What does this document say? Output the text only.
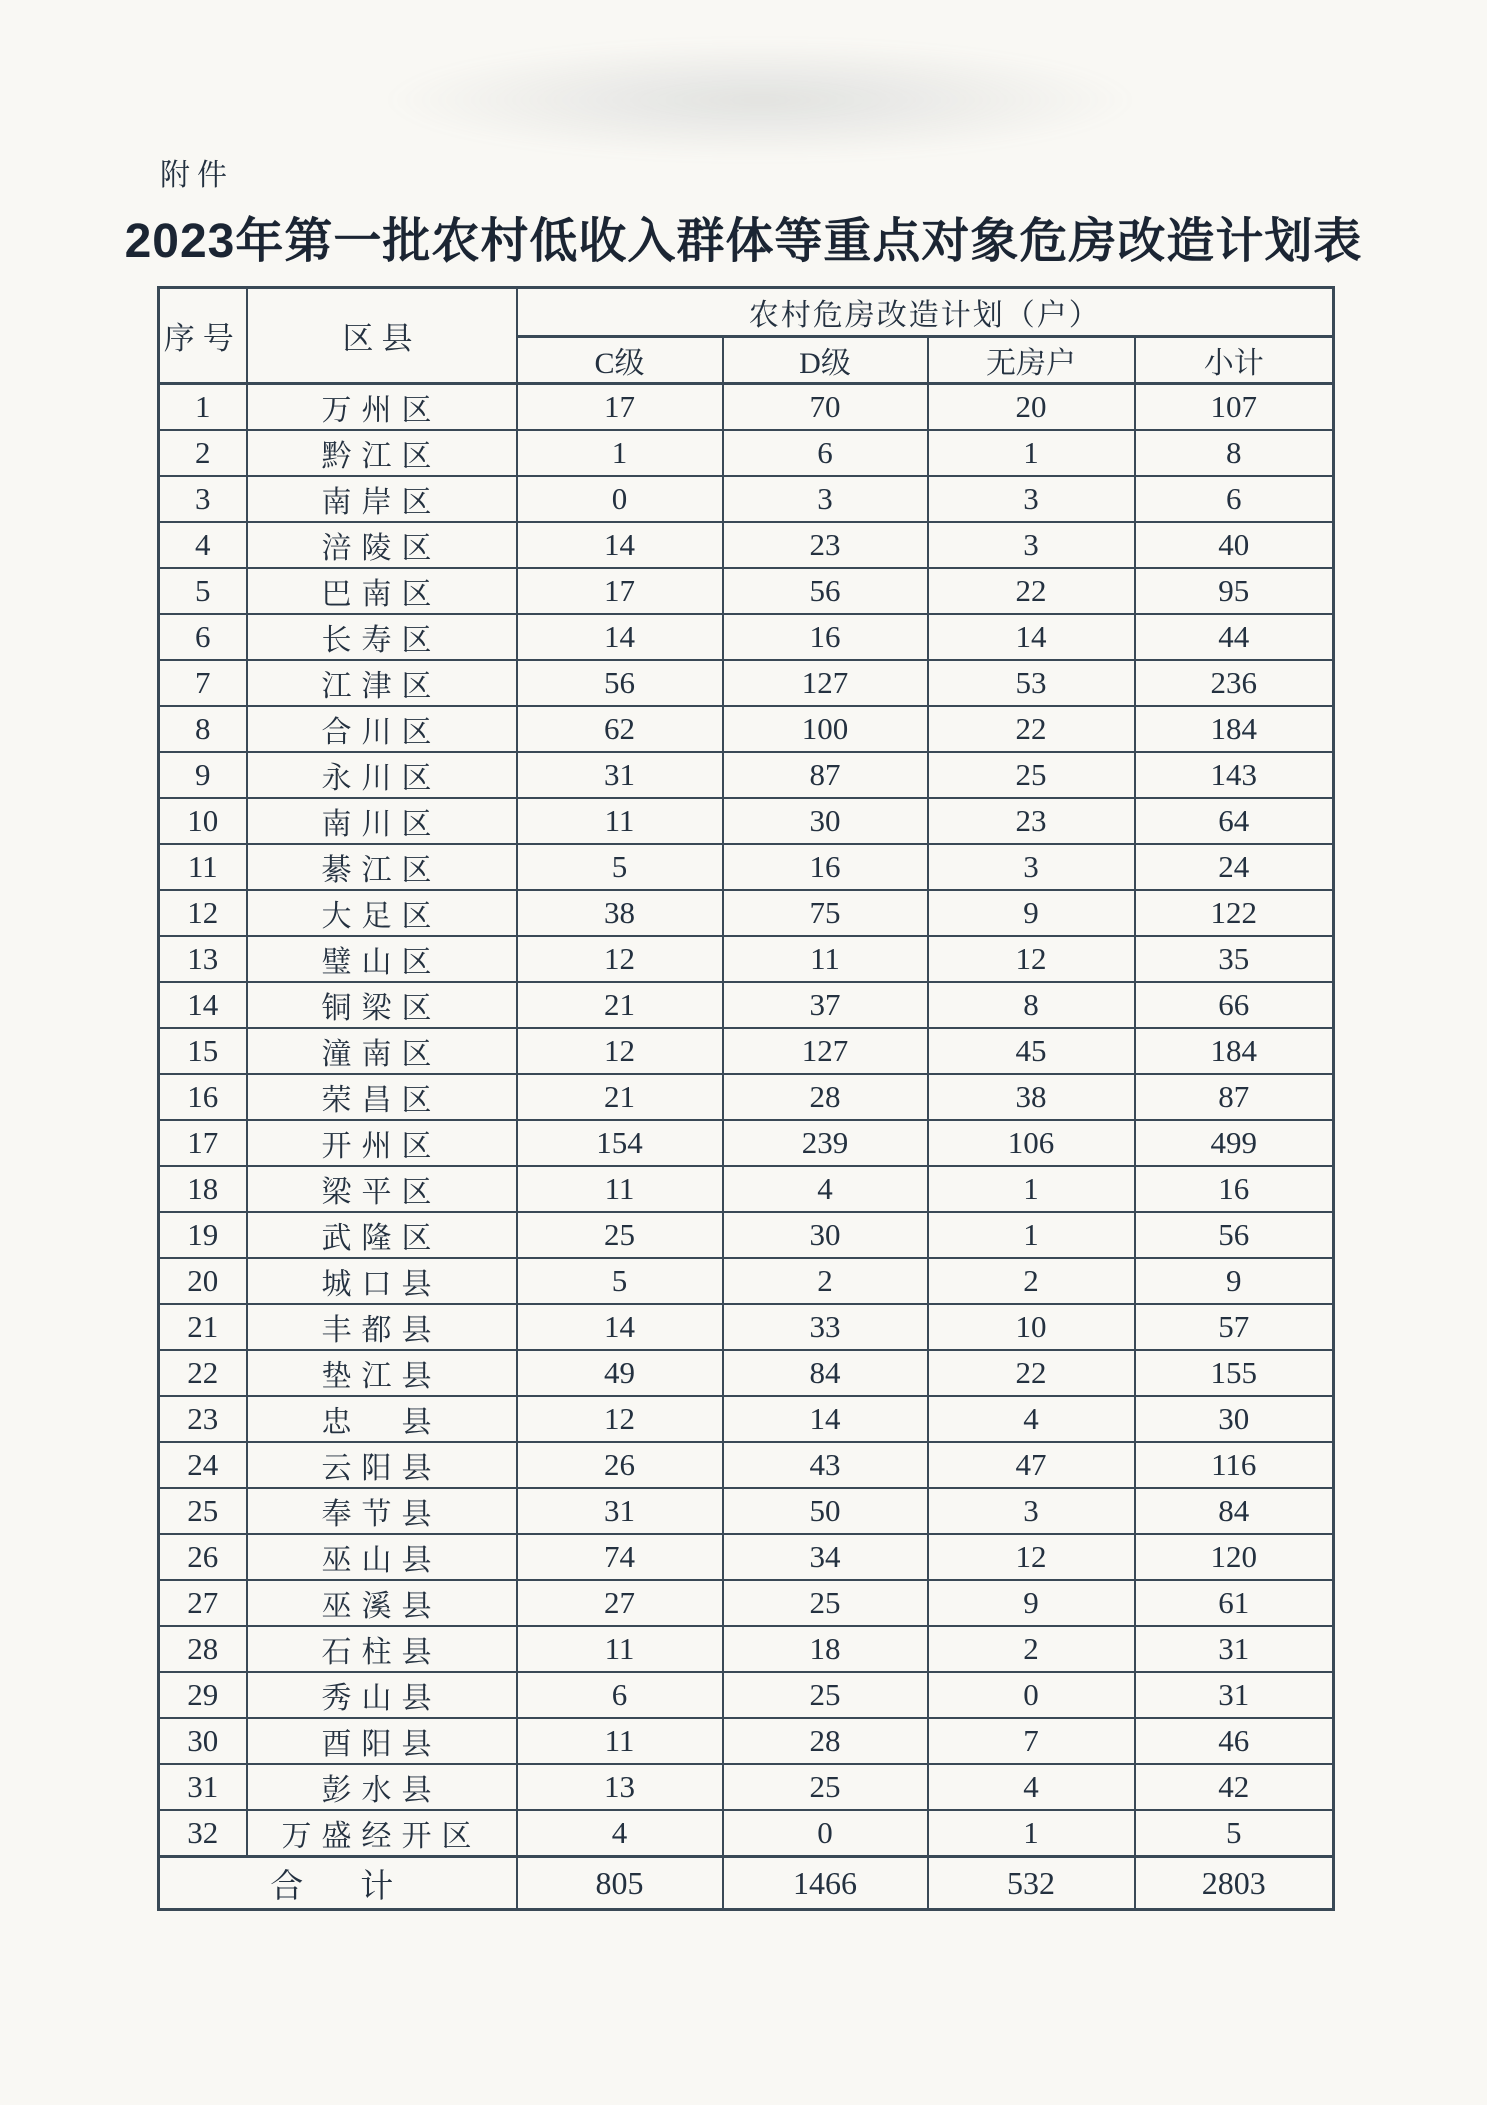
附件
2023年第一批农村低收入群体等重点对象危房改造计划表
序号	区县	农村危房改造计划（户）			
		C级	D级	无房户	小计
1	万州区	17	70	20	107
2	黔江区	1	6	1	8
3	南岸区	0	3	3	6
4	涪陵区	14	23	3	40
5	巴南区	17	56	22	95
6	长寿区	14	16	14	44
7	江津区	56	127	53	236
8	合川区	62	100	22	184
9	永川区	31	87	25	143
10	南川区	11	30	23	64
11	綦江区	5	16	3	24
12	大足区	38	75	9	122
13	璧山区	12	11	12	35
14	铜梁区	21	37	8	66
15	潼南区	12	127	45	184
16	荣昌区	21	28	38	87
17	开州区	154	239	106	499
18	梁平区	11	4	1	16
19	武隆区	25	30	1	56
20	城口县	5	2	2	9
21	丰都县	14	33	10	57
22	垫江县	49	84	22	155
23	忠　县	12	14	4	30
24	云阳县	26	43	47	116
25	奉节县	31	50	3	84
26	巫山县	74	34	12	120
27	巫溪县	27	25	9	61
28	石柱县	11	18	2	31
29	秀山县	6	25	0	31
30	酉阳县	11	28	7	46
31	彭水县	13	25	4	42
32	万盛经开区	4	0	1	5
合　计		805	1466	532	2803
